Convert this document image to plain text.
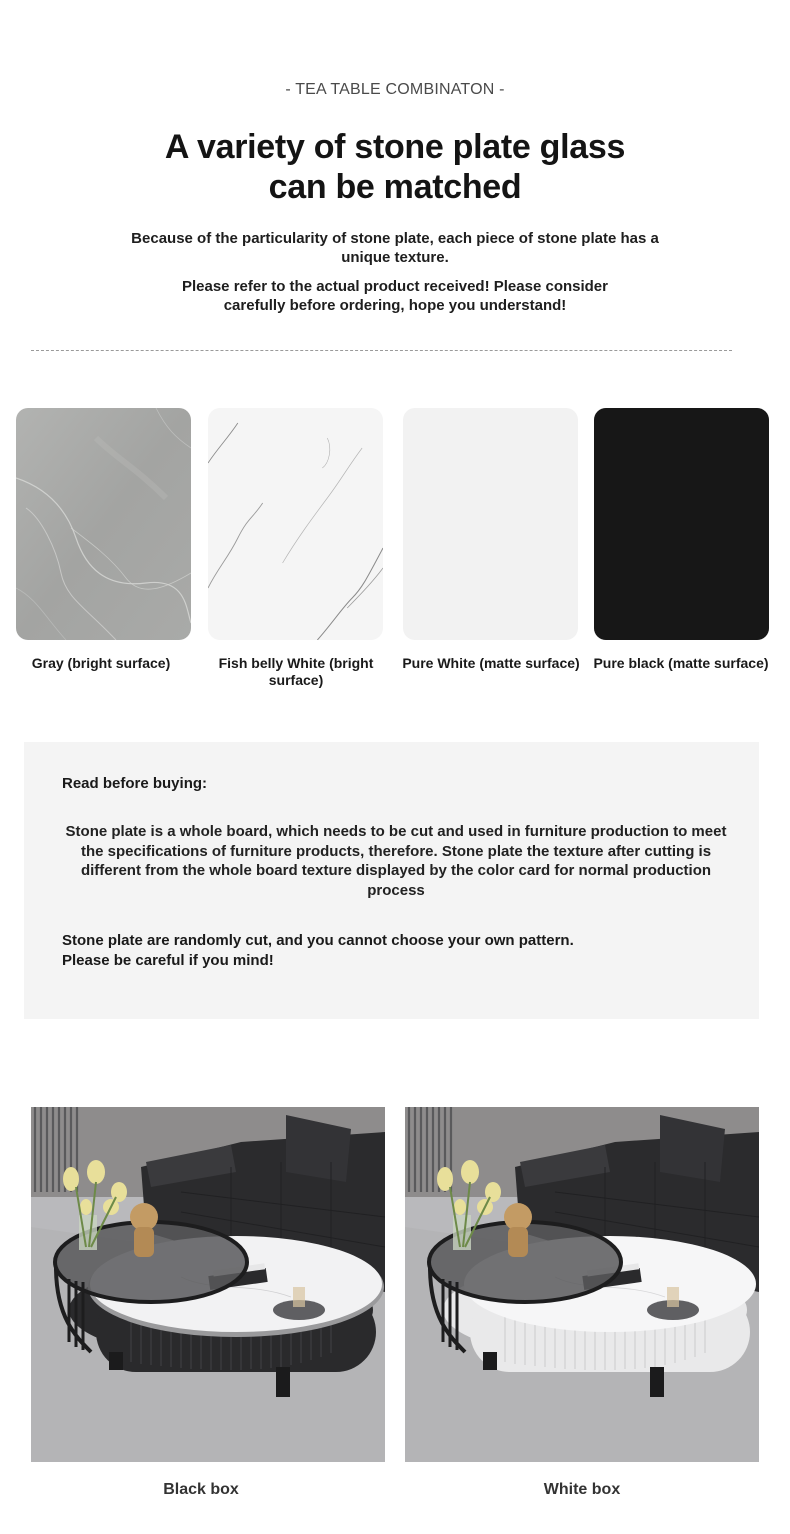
- TEA TABLE COMBINATON -
A variety of stone plate glass
can be matched

Because of the particularity of stone plate, each piece of stone plate has a unique texture.

Please refer to the actual product received! Please consider carefully before ordering, hope you understand!

Gray (bright surface)	Fish belly White (bright surface)
Pure White (matte surface) Pure black (matte surface)
Read before buying:

Stone plate is a whole board, which needs to be cut and used in furniture production to meet the specifications of furniture products, therefore. Stone plate the texture after cutting is different from the whole board texture displayed by the color card for normal production process

Stone plate are randomly cut, and you cannot choose your own pattern. Please be careful if you mind!

Black box	White box
